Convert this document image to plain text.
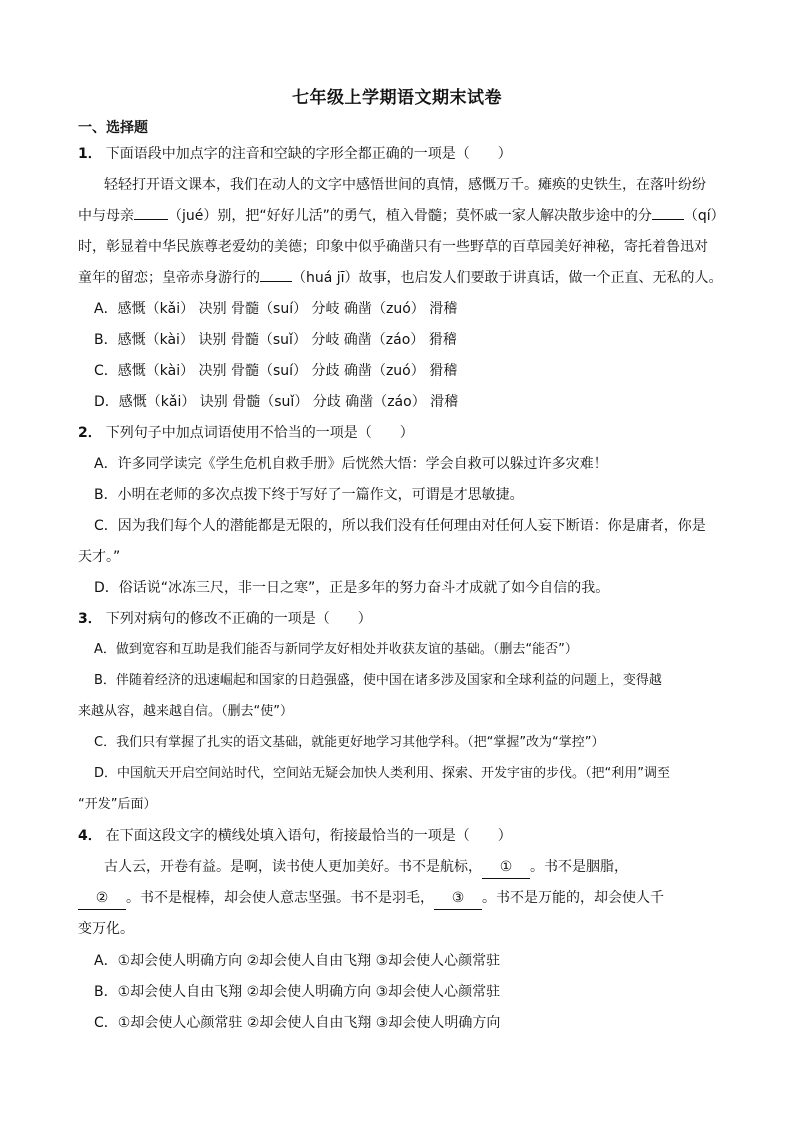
七年级上学期语文期末试卷
一、选择题
1． 下面语段中加点字的注音和空缺的字形全都正确的一项是（　　）
轻轻打开语文课本，我们在动人的文字中感悟世间的真情，感慨万千。瘫痪的史铁生，在落叶纷纷
中与母亲 （jué）别，把“好好儿活”的勇气，植入骨髓；莫怀戚一家人解决散步途中的分 （qí）
时，彰显着中华民族尊老爱幼的美德；印象中似乎确凿只有一些野草的百草园美好神秘，寄托着鲁迅对
童年的留恋；皇帝赤身游行的 （huá jī）故事，也启发人们要敢于讲真话，做一个正直、无私的人。
A．感慨（kǎi） 决别 骨髓（suí） 分岐 确凿（zuó） 滑稽
B．感慨（kài） 诀别 骨髓（suǐ） 分岐 确凿（záo） 猾稽
C．感慨（kài） 决别 骨髓（suí） 分歧 确凿（zuó） 猾稽
D．感慨（kǎi） 诀别 骨髓（suǐ） 分歧 确凿（záo） 滑稽
2． 下列句子中加点词语使用不恰当的一项是（　　）
A．许多同学读完《学生危机自救手册》后恍然大悟：学会自救可以躲过许多灾难！
B．小明在老师的多次点拨下终于写好了一篇作文，可谓是才思敏捷。
C．因为我们每个人的潜能都是无限的，所以我们没有任何理由对任何人妄下断语：你是庸者，你是
天才。”
D．俗话说“冰冻三尺，非一日之寒”，正是多年的努力奋斗才成就了如今自信的我。
3． 下列对病句的修改不正确的一项是（　　）
A．做到宽容和互助是我们能否与新同学友好相处并收获友谊的基础。（删去“能否”）
B．伴随着经济的迅速崛起和国家的日趋强盛，使中国在诸多涉及国家和全球利益的问题上，变得越
来越从容，越来越自信。（删去“使”）
C．我们只有掌握了扎实的语文基础，就能更好地学习其他学科。（把“掌握”改为“掌控”）
D．中国航天开启空间站时代，空间站无疑会加快人类利用、探索、开发宇宙的步伐。（把“利用”调至
“开发”后面）
4． 在下面这段文字的横线处填入语句，衔接最恰当的一项是（　　）
古人云，开卷有益。是啊，读书使人更加美好。书不是航标， ① 。书不是胭脂，
② 。书不是棍棒，却会使人意志坚强。书不是羽毛， ③ 。书不是万能的，却会使人千
变万化。
A．①却会使人明确方向 ②却会使人自由飞翔 ③却会使人心颜常驻
B．①却会使人自由飞翔 ②却会使人明确方向 ③却会使人心颜常驻
C．①却会使人心颜常驻 ②却会使人自由飞翔 ③却会使人明确方向
